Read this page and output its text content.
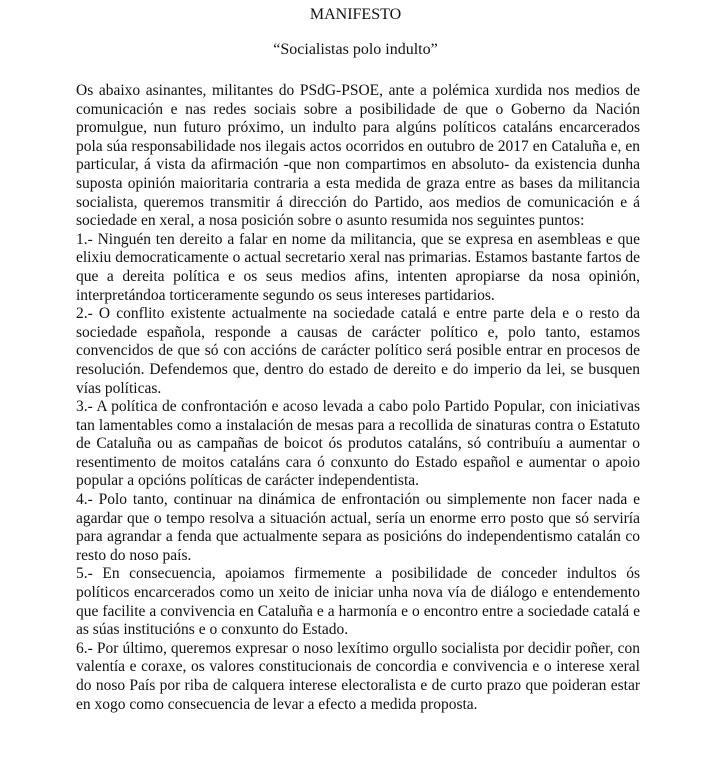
MANIFESTO
“Socialistas polo indulto”

Os abaixo asinantes, militantes do PSdG-PSOE, ante a polémica xurdida nos medios de comunicación e nas redes sociais sobre a posibilidade de que o Goberno da Nación promulgue, nun futuro próximo, un indulto para algúns políticos cataláns encarcerados pola súa responsabilidade nos ilegais actos ocorridos en outubro de 2017 en Cataluña e, en particular, á vista da afirmación -que non compartimos en absoluto- da existencia dunha suposta opinión maioritaria contraria a esta medida de graza entre as bases da militancia socialista, queremos transmitir á dirección do Partido, aos medios de comunicación e á sociedade en xeral, a nosa posición sobre o asunto resumida nos seguintes puntos:

1.- Ninguén ten dereito a falar en nome da militancia, que se expresa en asembleas e que elixiu democraticamente o actual secretario xeral nas primarias. Estamos bastante fartos de que a dereita política e os seus medios afins, intenten apropiarse da nosa opinión, interpretándoa torticeramente segundo os seus intereses partidarios.

2.- O conflito existente actualmente na sociedade catalá e entre parte dela e o resto da sociedade española, responde a causas de carácter político e, polo tanto, estamos convencidos de que só con accións de carácter político será posible entrar en procesos de resolución. Defendemos que, dentro do estado de dereito e do imperio da lei, se busquen vías políticas.

3.- A política de confrontación e acoso levada a cabo polo Partido Popular, con iniciativas tan lamentables como a instalación de mesas para a recollida de sinaturas contra o Estatuto de Cataluña ou as campañas de boicot ós produtos cataláns, só contribuíu a aumentar o resentimento de moitos cataláns cara ó conxunto do Estado español e aumentar o apoio popular a opcións políticas de carácter independentista.

4.- Polo tanto, continuar na dinámica de enfrontación ou simplemente non facer nada e agardar que o tempo resolva a situación actual, sería un enorme erro posto que só serviría para agrandar a fenda que actualmente separa as posicións do independentismo catalán co resto do noso país.

5.- En consecuencia, apoiamos firmemente a posibilidade de conceder indultos ós políticos encarcerados como un xeito de iniciar unha nova vía de diálogo e entendemento que facilite a convivencia en Cataluña e a harmonía e o encontro entre a sociedade catalá e as súas institucións e o conxunto do Estado.

6.- Por último, queremos expresar o noso lexítimo orgullo socialista por decidir poñer, con valentía e coraxe, os valores constitucionais de concordia e convivencia e o interese xeral do noso País por riba de calquera interese electoralista e de curto prazo que poideran estar en xogo como consecuencia de levar a efecto a medida proposta.
